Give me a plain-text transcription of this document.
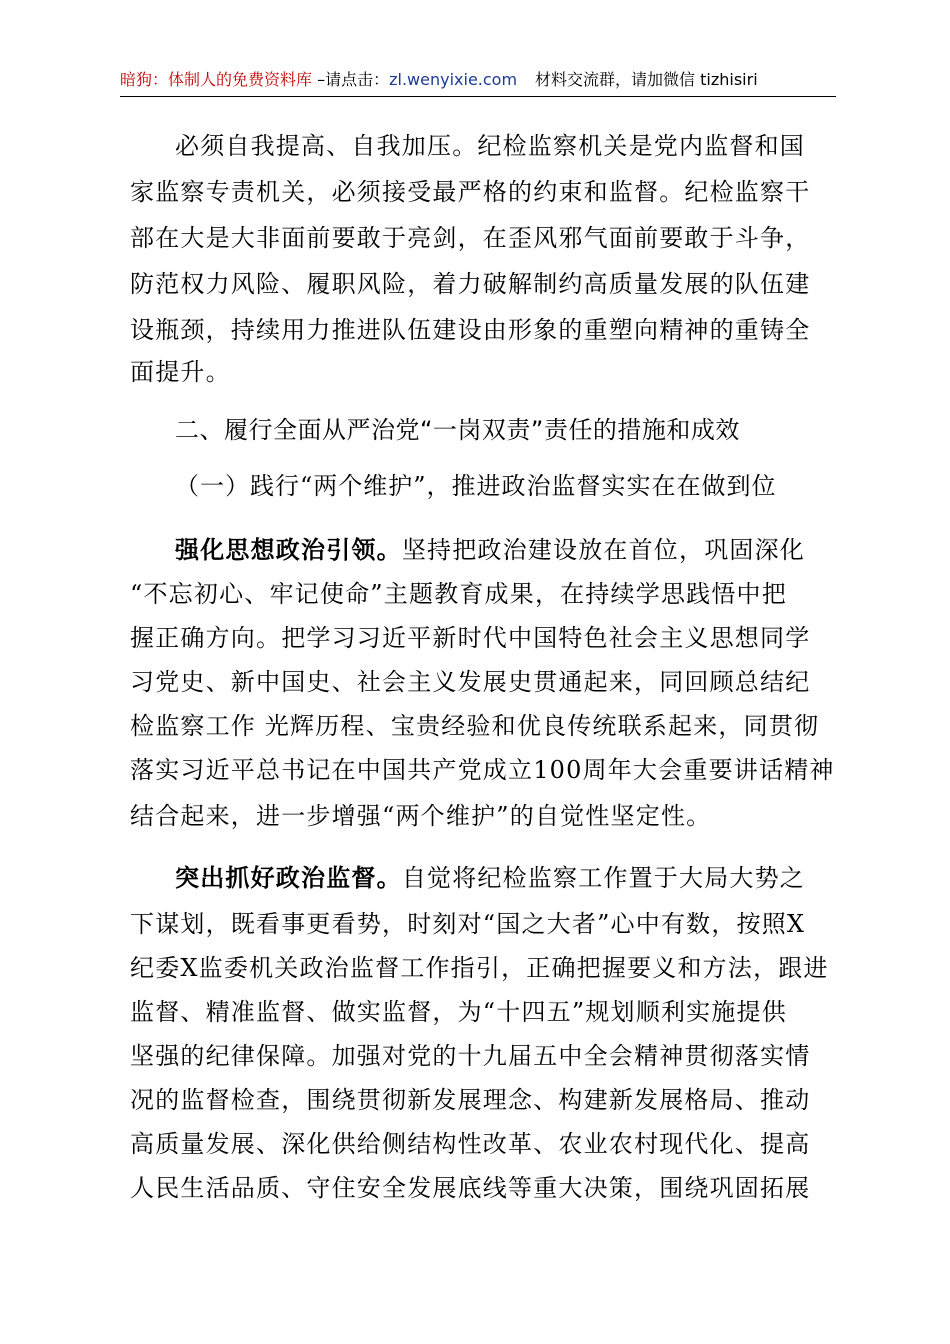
暗狗：体制人的免费资料库 –请点击：zl.wenyixie.com 材料交流群，请加微信 tizhisiri
必须自我提高、自我加压。纪检监察机关是党内监督和国
家监察专责机关，必须接受最严格的约束和监督。纪检监察干
部在大是大非面前要敢于亮剑，在歪风邪气面前要敢于斗争，
防范权力风险、履职风险，着力破解制约高质量发展的队伍建
设瓶颈，持续用力推进队伍建设由形象的重塑向精神的重铸全
面提升。
二、履行全面从严治党“一岗双责”责任的措施和成效
（一）践行“两个维护”，推进政治监督实实在在做到位
强化思想政治引领。坚持把政治建设放在首位，巩固深化
“不忘初心、牢记使命”主题教育成果，在持续学思践悟中把
握正确方向。把学习习近平新时代中国特色社会主义思想同学
习党史、新中国史、社会主义发展史贯通起来，同回顾总结纪
检监察工作 光辉历程、宝贵经验和优良传统联系起来，同贯彻
落实习近平总书记在中国共产党成立100周年大会重要讲话精神
结合起来，进一步增强“两个维护”的自觉性坚定性。
突出抓好政治监督。自觉将纪检监察工作置于大局大势之
下谋划，既看事更看势，时刻对“国之大者”心中有数，按照X
纪委X监委机关政治监督工作指引，正确把握要义和方法，跟进
监督、精准监督、做实监督，为“十四五”规划顺利实施提供
坚强的纪律保障。加强对党的十九届五中全会精神贯彻落实情
况的监督检查，围绕贯彻新发展理念、构建新发展格局、推动
高质量发展、深化供给侧结构性改革、农业农村现代化、提高
人民生活品质、守住安全发展底线等重大决策，围绕巩固拓展
